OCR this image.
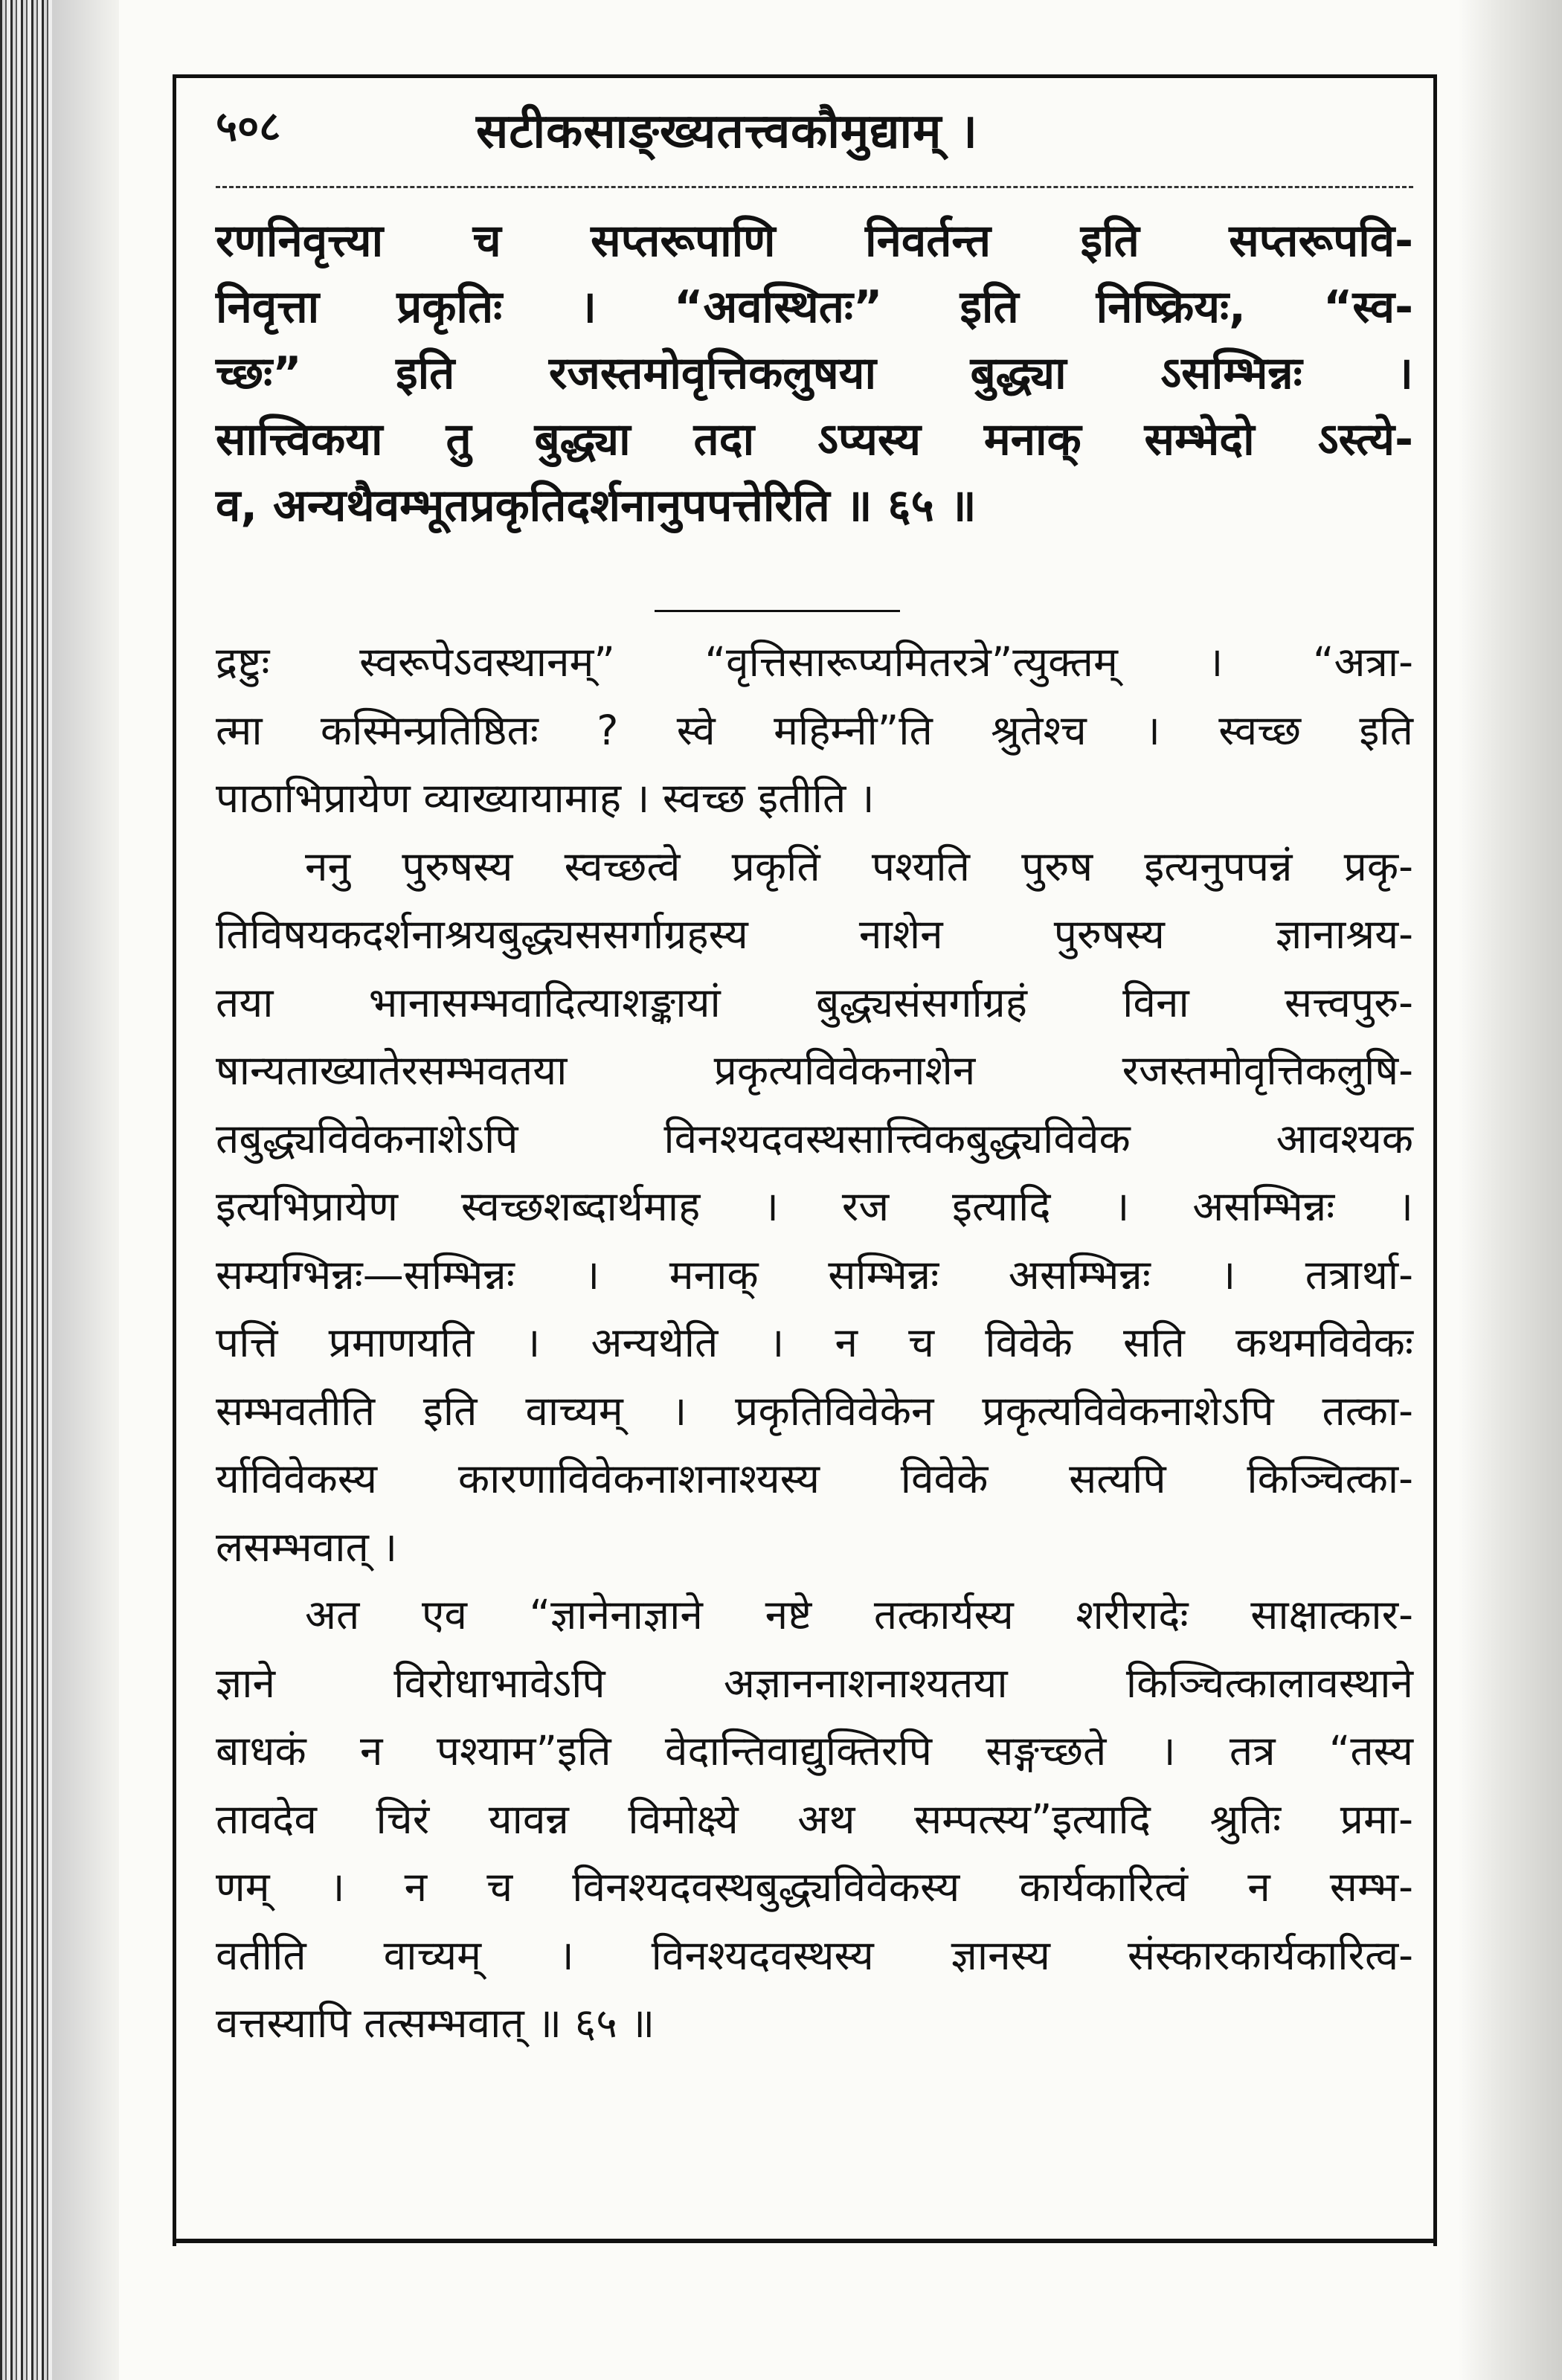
५०८	सटीकसाङ्ख्यतत्त्वकौमुद्याम् ।
रणनिवृत्त्या च सप्तरूपाणि निवर्तन्त इति सप्तरूपवि-
निवृत्ता प्रकृतिः । “अवस्थितः” इति निष्क्रियः, “स्व-
च्छः” इति रजस्तमोवृत्तिकलुषया बुद्ध्या ऽसम्भिन्नः ।
सात्त्विकया तु बुद्ध्या तदा ऽप्यस्य मनाक् सम्भेदो ऽस्त्ये-
व, अन्यथैवम्भूतप्रकृतिदर्शनानुपपत्तेरिति ॥ ६५ ॥
द्रष्टुः स्वरूपेऽवस्थानम्” “वृत्तिसारूप्यमितरत्रे”त्युक्तम् । “अत्रा-
त्मा कस्मिन्प्रतिष्ठितः ? स्वे महिम्नी”ति श्रुतेश्च । स्वच्छ इति
पाठाभिप्रायेण व्याख्यायामाह । स्वच्छ इतीति ।
ननु पुरुषस्य स्वच्छत्वे प्रकृतिं पश्यति पुरुष इत्यनुपपन्नं प्रकृ-
तिविषयकदर्शनाश्रयबुद्ध्यससर्गाग्रहस्य नाशेन पुरुषस्य ज्ञानाश्रय-
तया भानासम्भवादित्याशङ्कायां बुद्ध्यसंसर्गाग्रहं विना सत्त्वपुरु-
षान्यताख्यातेरसम्भवतया प्रकृत्यविवेकनाशेन रजस्तमोवृत्तिकलुषि-
तबुद्ध्यविवेकनाशेऽपि विनश्यदवस्थसात्त्विकबुद्ध्यविवेक आवश्यक
इत्यभिप्रायेण स्वच्छशब्दार्थमाह । रज इत्यादि । असम्भिन्नः ।
सम्यग्भिन्नः—सम्भिन्नः । मनाक् सम्भिन्नः असम्भिन्नः । तत्रार्था-
पत्तिं प्रमाणयति । अन्यथेति । न च विवेके सति कथमविवेकः
सम्भवतीति इति वाच्यम् । प्रकृतिविवेकेन प्रकृत्यविवेकनाशेऽपि तत्का-
र्याविवेकस्य कारणाविवेकनाशनाश्यस्य विवेके सत्यपि किञ्चित्का-
लसम्भवात् ।
अत एव “ज्ञानेनाज्ञाने नष्टे तत्कार्यस्य शरीरादेः साक्षात्कार-
ज्ञाने विरोधाभावेऽपि अज्ञाननाशनाश्यतया किञ्चित्कालावस्थाने
बाधकं न पश्याम”इति वेदान्तिवाद्युक्तिरपि सङ्गच्छते । तत्र “तस्य
तावदेव चिरं यावन्न विमोक्ष्ये अथ सम्पत्स्य”इत्यादि श्रुतिः प्रमा-
णम् । न च विनश्यदवस्थबुद्ध्यविवेकस्य कार्यकारित्वं न सम्भ-
वतीति वाच्यम् । विनश्यदवस्थस्य ज्ञानस्य संस्कारकार्यकारित्व-
वत्तस्यापि तत्सम्भवात् ॥ ६५ ॥
